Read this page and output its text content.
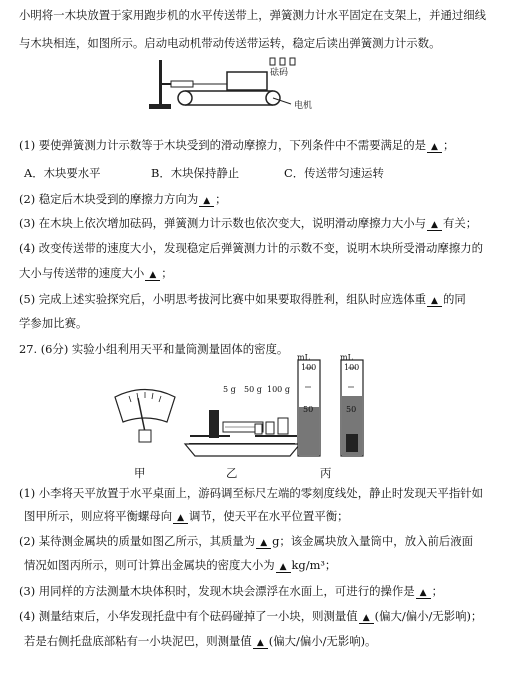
小明将一木块放置于家用跑步机的水平传送带上，弹簧测力计水平固定在支架上，并通过细线
与木块相连，如图所示。启动电动机带动传送带运转，稳定后读出弹簧测力计示数。
砝码
电机
(1) 要使弹簧测力计示数等于木块受到的滑动摩擦力，下列条件中不需要满足的是 ▲ ；
A．木块要水平	B．木块保持静止	C．传送带匀速运转
(2) 稳定后木块受到的摩擦力方向为 ▲ ；
(3) 在木块上依次增加砝码，弹簧测力计示数也依次变大，说明滑动摩擦力大小与 ▲ 有关；
(4) 改变传送带的速度大小，发现稳定后弹簧测力计的示数不变，说明木块所受滑动摩擦力的
大小与传送带的速度大小 ▲ ；
(5) 完成上述实验探究后，小明思考拔河比赛中如果要取得胜利，组队时应选体重 ▲ 的同
学参加比赛。
27. (6分) 实验小组利用天平和量筒测量固体的密度。
5 g 50 g 100 g
mL	mL
100	100
50	50
甲	乙	丙
(1) 小李将天平放置于水平桌面上，游码调至标尺左端的零刻度线处，静止时发现天平指针如
图甲所示，则应将平衡螺母向 ▲ 调节，使天平在水平位置平衡；
(2) 某待测金属块的质量如图乙所示，其质量为 ▲ g；该金属块放入量筒中，放入前后液面
情况如图丙所示，则可计算出金属块的密度大小为 ▲ kg/m³；
(3) 用同样的方法测量木块体积时，发现木块会漂浮在水面上，可进行的操作是 ▲ ；
(4) 测量结束后，小华发现托盘中有个砝码碰掉了一小块，则测量值 ▲ (偏大/偏小/无影响)；
若是右侧托盘底部粘有一小块泥巴，则测量值 ▲ (偏大/偏小/无影响)。
